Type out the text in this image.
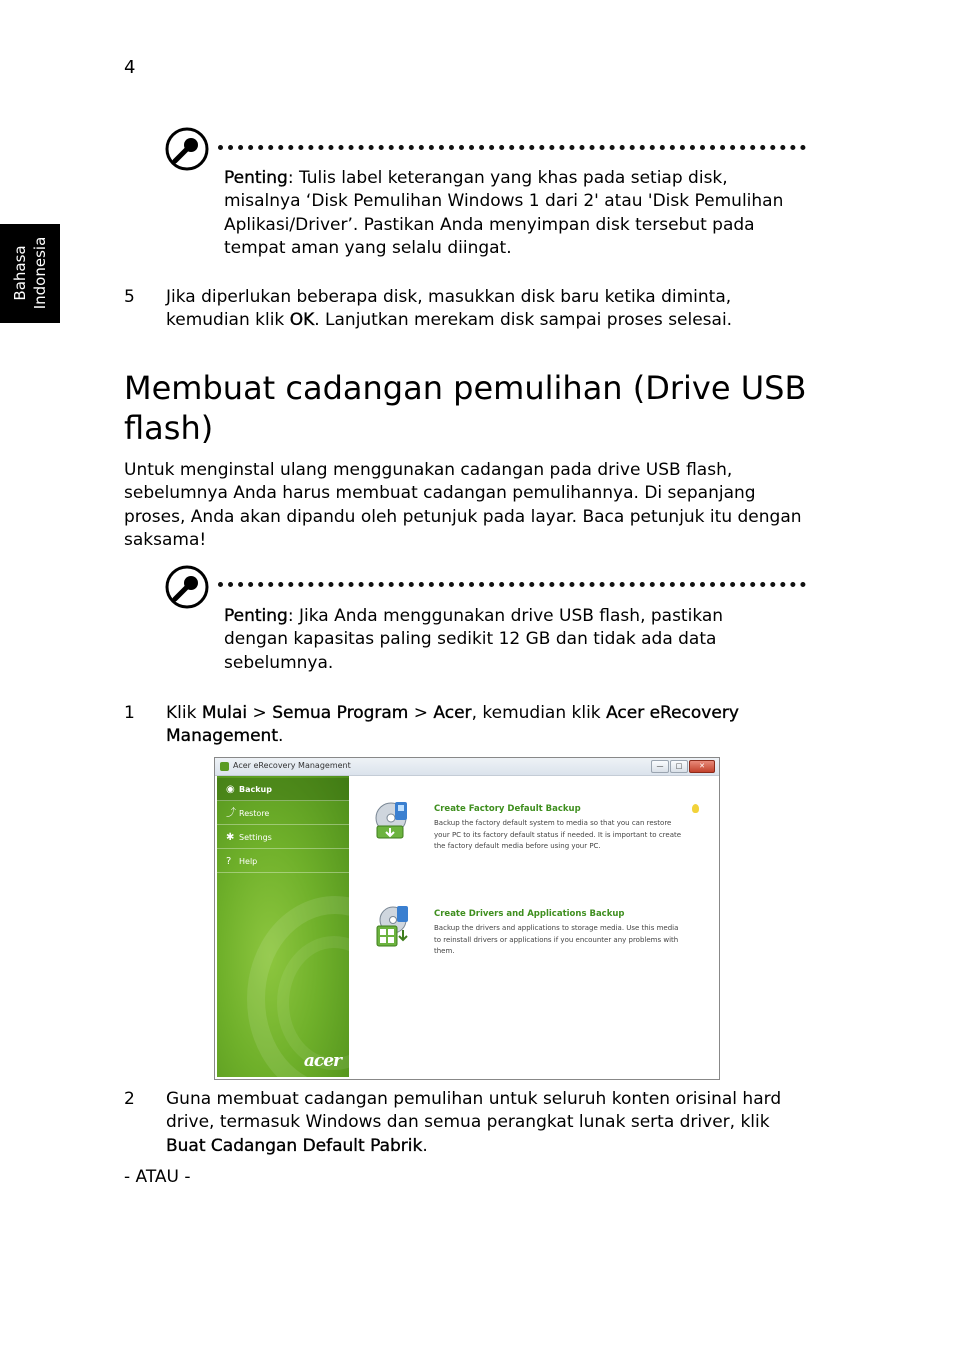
4
Bahasa Indonesia
Penting: Tulis label keterangan yang khas pada setiap disk,
misalnya ‘Disk Pemulihan Windows 1 dari 2' atau 'Disk Pemulihan
Aplikasi/Driver’. Pastikan Anda menyimpan disk tersebut pada
tempat aman yang selalu diingat.
5 Jika diperlukan beberapa disk, masukkan disk baru ketika diminta,
kemudian klik OK. Lanjutkan merekam disk sampai proses selesai.
Membuat cadangan pemulihan (Drive USB
flash)
Untuk menginstal ulang menggunakan cadangan pada drive USB flash,
sebelumnya Anda harus membuat cadangan pemulihannya. Di sepanjang
proses, Anda akan dipandu oleh petunjuk pada layar. Baca petunjuk itu dengan
saksama!
Penting: Jika Anda menggunakan drive USB flash, pastikan
dengan kapasitas paling sedikit 12 GB dan tidak ada data
sebelumnya.
1 Klik Mulai > Semua Program > Acer, kemudian klik Acer eRecovery
Management.
Acer eRecovery Management	—	□	✕
◉ Backup
⤴ Restore
✱ Settings
? Help
acer
Create Factory Default Backup
Backup the factory default system to media so that you can restore your PC to its factory default status if needed. It is important to create the factory default media before using your PC.
Create Drivers and Applications Backup
Backup the drivers and applications to storage media. Use this media to reinstall drivers or applications if you encounter any problems with them.
2 Guna membuat cadangan pemulihan untuk seluruh konten orisinal hard
drive, termasuk Windows dan semua perangkat lunak serta driver, klik
Buat Cadangan Default Pabrik.
- ATAU -
